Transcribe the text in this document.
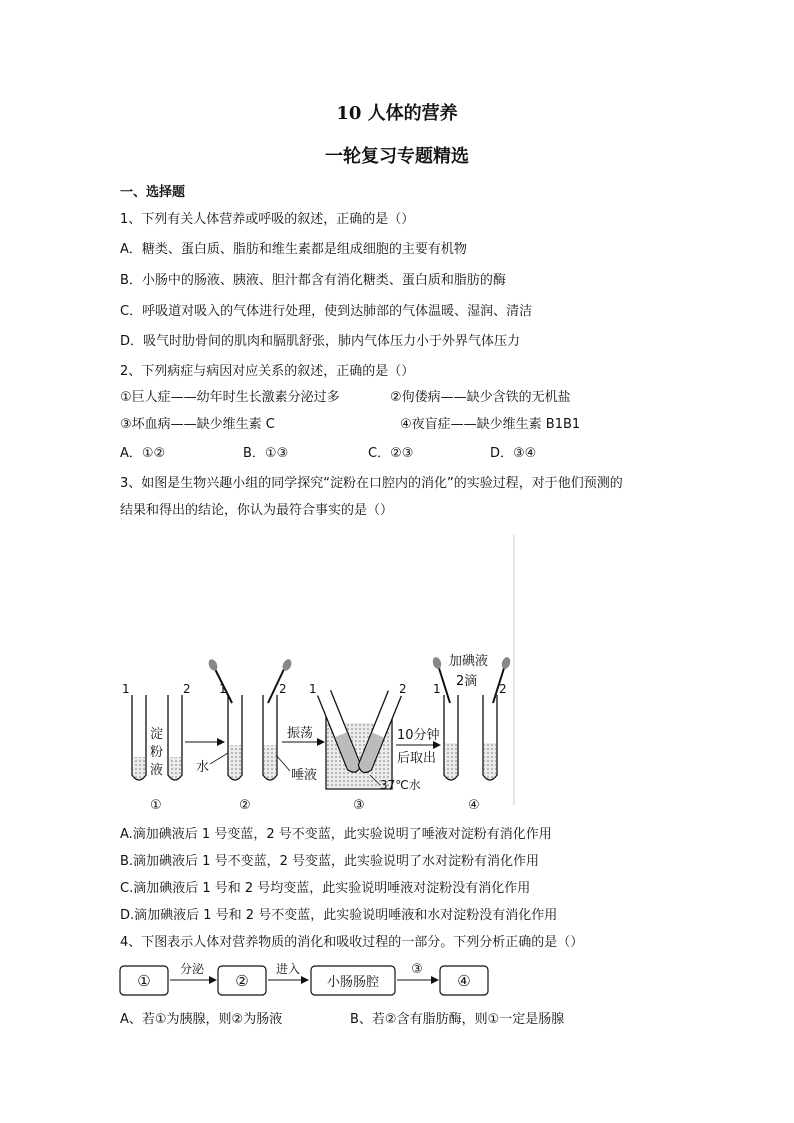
10 人体的营养
一轮复习专题精选
一、选择题
1、下列有关人体营养或呼吸的叙述，正确的是（）
A．糖类、蛋白质、脂肪和维生素都是组成细胞的主要有机物
B．小肠中的肠液、胰液、胆汁都含有消化糖类、蛋白质和脂肪的酶
C．呼吸道对吸入的气体进行处理，使到达肺部的气体温暖、湿润、清洁
D．吸气时肋骨间的肌肉和膈肌舒张，肺内气体压力小于外界气体压力
2、下列病症与病因对应关系的叙述，正确的是（）
①巨人症——幼年时生长激素分泌过多	②佝偻病——缺少含铁的无机盐
③坏血病——缺少维生素 C	④夜盲症——缺少维生素 B1B1
A．①②	B．①③	C．②③	D．③④
3、如图是生物兴趣小组的同学探究“淀粉在口腔内的消化”的实验过程，对于他们预测的
结果和得出的结论，你认为最符合事实的是（）
1	2
淀
粉
液
①
1	2
水
唾液
②
振荡
1	2
37℃水
③
10分钟
后取出
加碘液
2滴
1	2
④
A.滴加碘液后 1 号变蓝，2 号不变蓝，此实验说明了唾液对淀粉有消化作用
B.滴加碘液后 1 号不变蓝，2 号变蓝，此实验说明了水对淀粉有消化作用
C.滴加碘液后 1 号和 2 号均变蓝，此实验说明唾液对淀粉没有消化作用
D.滴加碘液后 1 号和 2 号不变蓝，此实验说明唾液和水对淀粉没有消化作用
4、下图表示人体对营养物质的消化和吸收过程的一部分。下列分析正确的是（）
①
分泌
②
进入
小肠肠腔
③
④
A、若①为胰腺，则②为肠液	B、若②含有脂肪酶，则①一定是肠腺
